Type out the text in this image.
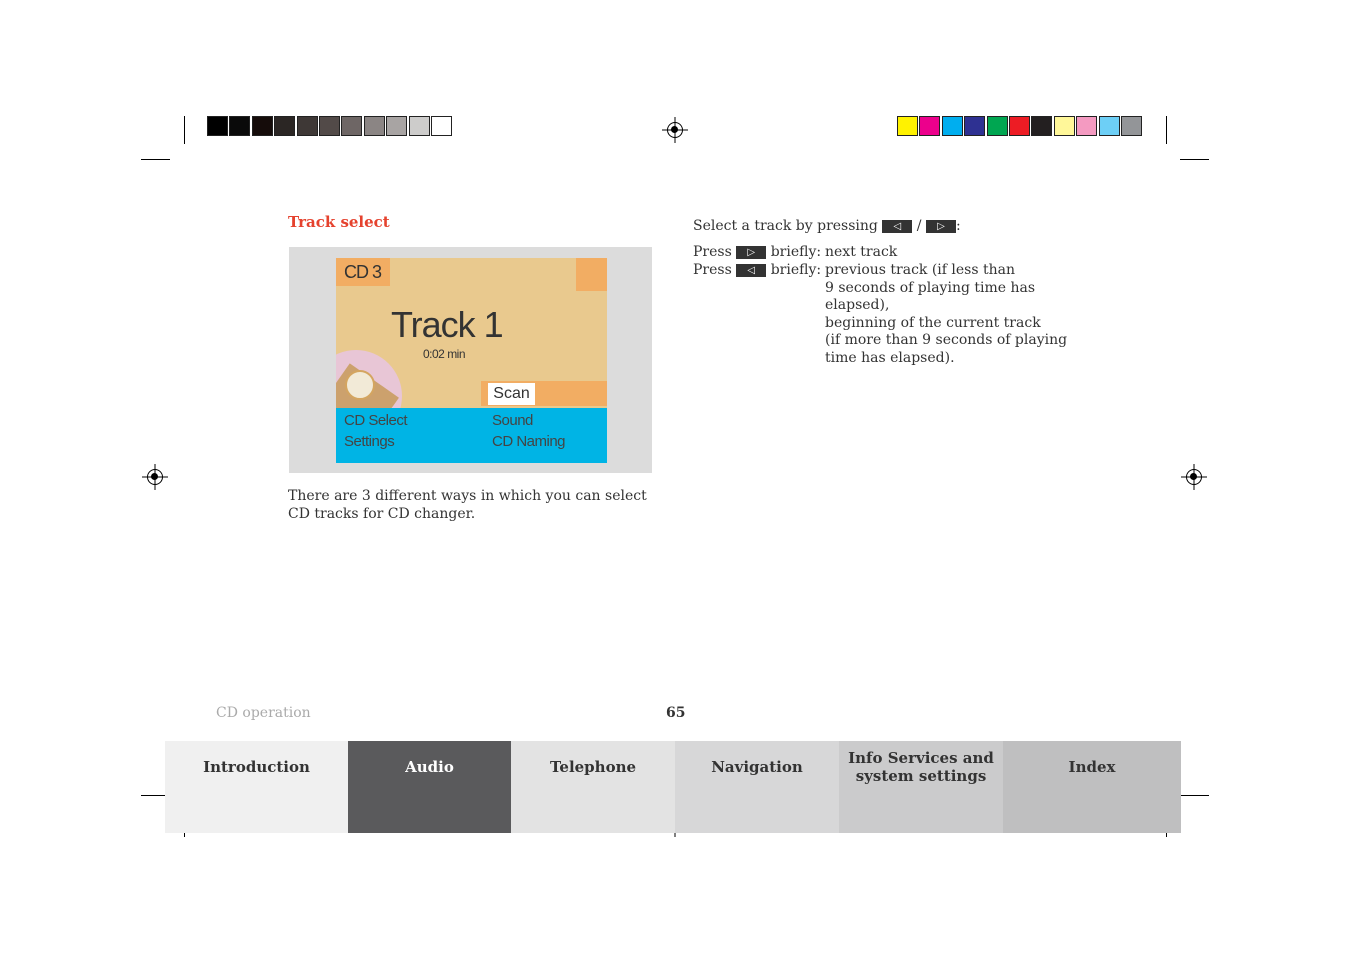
Track select
CD 3
Track 1
0:02 min
Scan
CD Select	Sound
Settings	CD Naming
There are 3 different ways in which you can select CD tracks for CD changer.
Select a track by pressing ◁ / ▷ :
Press ▷ briefly: next track
Press ◁ briefly: previous track (if less than
9 seconds of playing time has
elapsed),
beginning of the current track
(if more than 9 seconds of playing
time has elapsed).
CD operation	65
Introduction	Audio	Telephone	Navigation	Info Services and
system settings	Index
